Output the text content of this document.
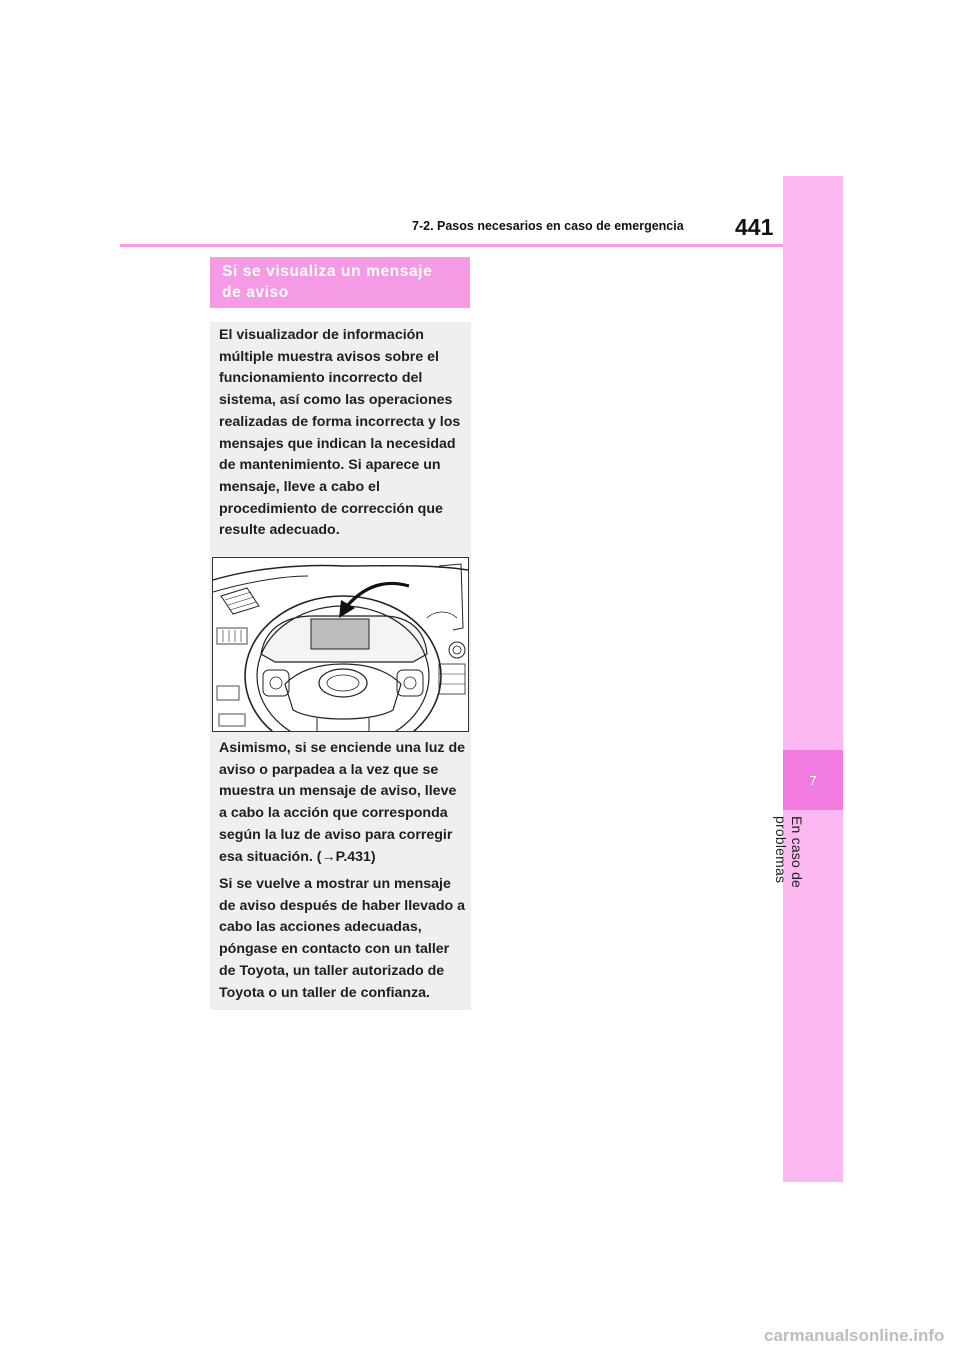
7
En caso de problemas
7-2. Pasos necesarios en caso de emergencia 441
Si se visualiza un mensaje
de aviso

El visualizador de información múltiple muestra avisos sobre el funcionamiento incorrecto del sistema, así como las operaciones realizadas de forma incorrecta y los mensajes que indican la necesidad de mantenimiento. Si aparece un mensaje, lleve a cabo el procedimiento de corrección que resulte adecuado.

Asimismo, si se enciende una luz de aviso o parpadea a la vez que se muestra un mensaje de aviso, lleve a cabo la acción que corresponda según la luz de aviso para corregir esa situación. (→P.431)

Si se vuelve a mostrar un mensaje de aviso después de haber llevado a cabo las acciones adecuadas, póngase en contacto con un taller de Toyota, un taller autorizado de Toyota o un taller de confianza.

carmanualsonline.info
